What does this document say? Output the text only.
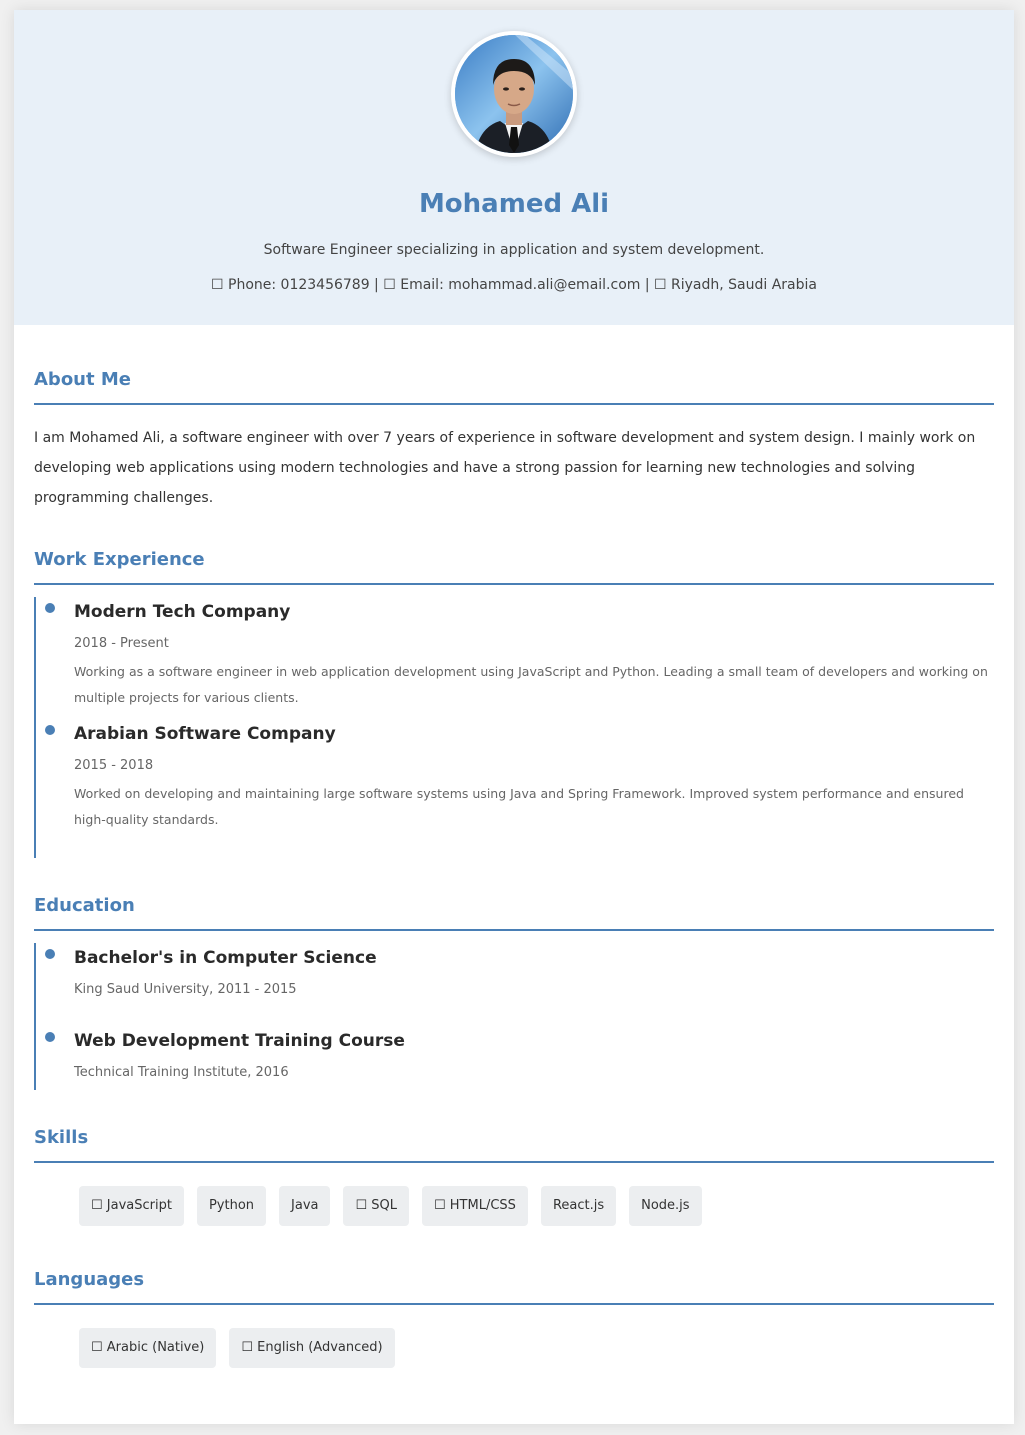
Mohamed Ali
Software Engineer specializing in application and system development.
☐ Phone: 0123456789 | ☐ Email: mohammad.ali@email.com | ☐ Riyadh, Saudi Arabia
About Me
I am Mohamed Ali, a software engineer with over 7 years of experience in software development and system design. I mainly work on developing web applications using modern technologies and have a strong passion for learning new technologies and solving programming challenges.
Work Experience
Modern Tech Company
2018 - Present
Working as a software engineer in web application development using JavaScript and Python. Leading a small team of developers and working on multiple projects for various clients.
Arabian Software Company
2015 - 2018
Worked on developing and maintaining large software systems using Java and Spring Framework. Improved system performance and ensured high-quality standards.
Education
Bachelor's in Computer Science
King Saud University, 2011 - 2015
Web Development Training Course
Technical Training Institute, 2016
Skills
☐ JavaScript	Python	Java	☐ SQL	☐ HTML/CSS	React.js	Node.js
Languages
☐ Arabic (Native)	☐ English (Advanced)
